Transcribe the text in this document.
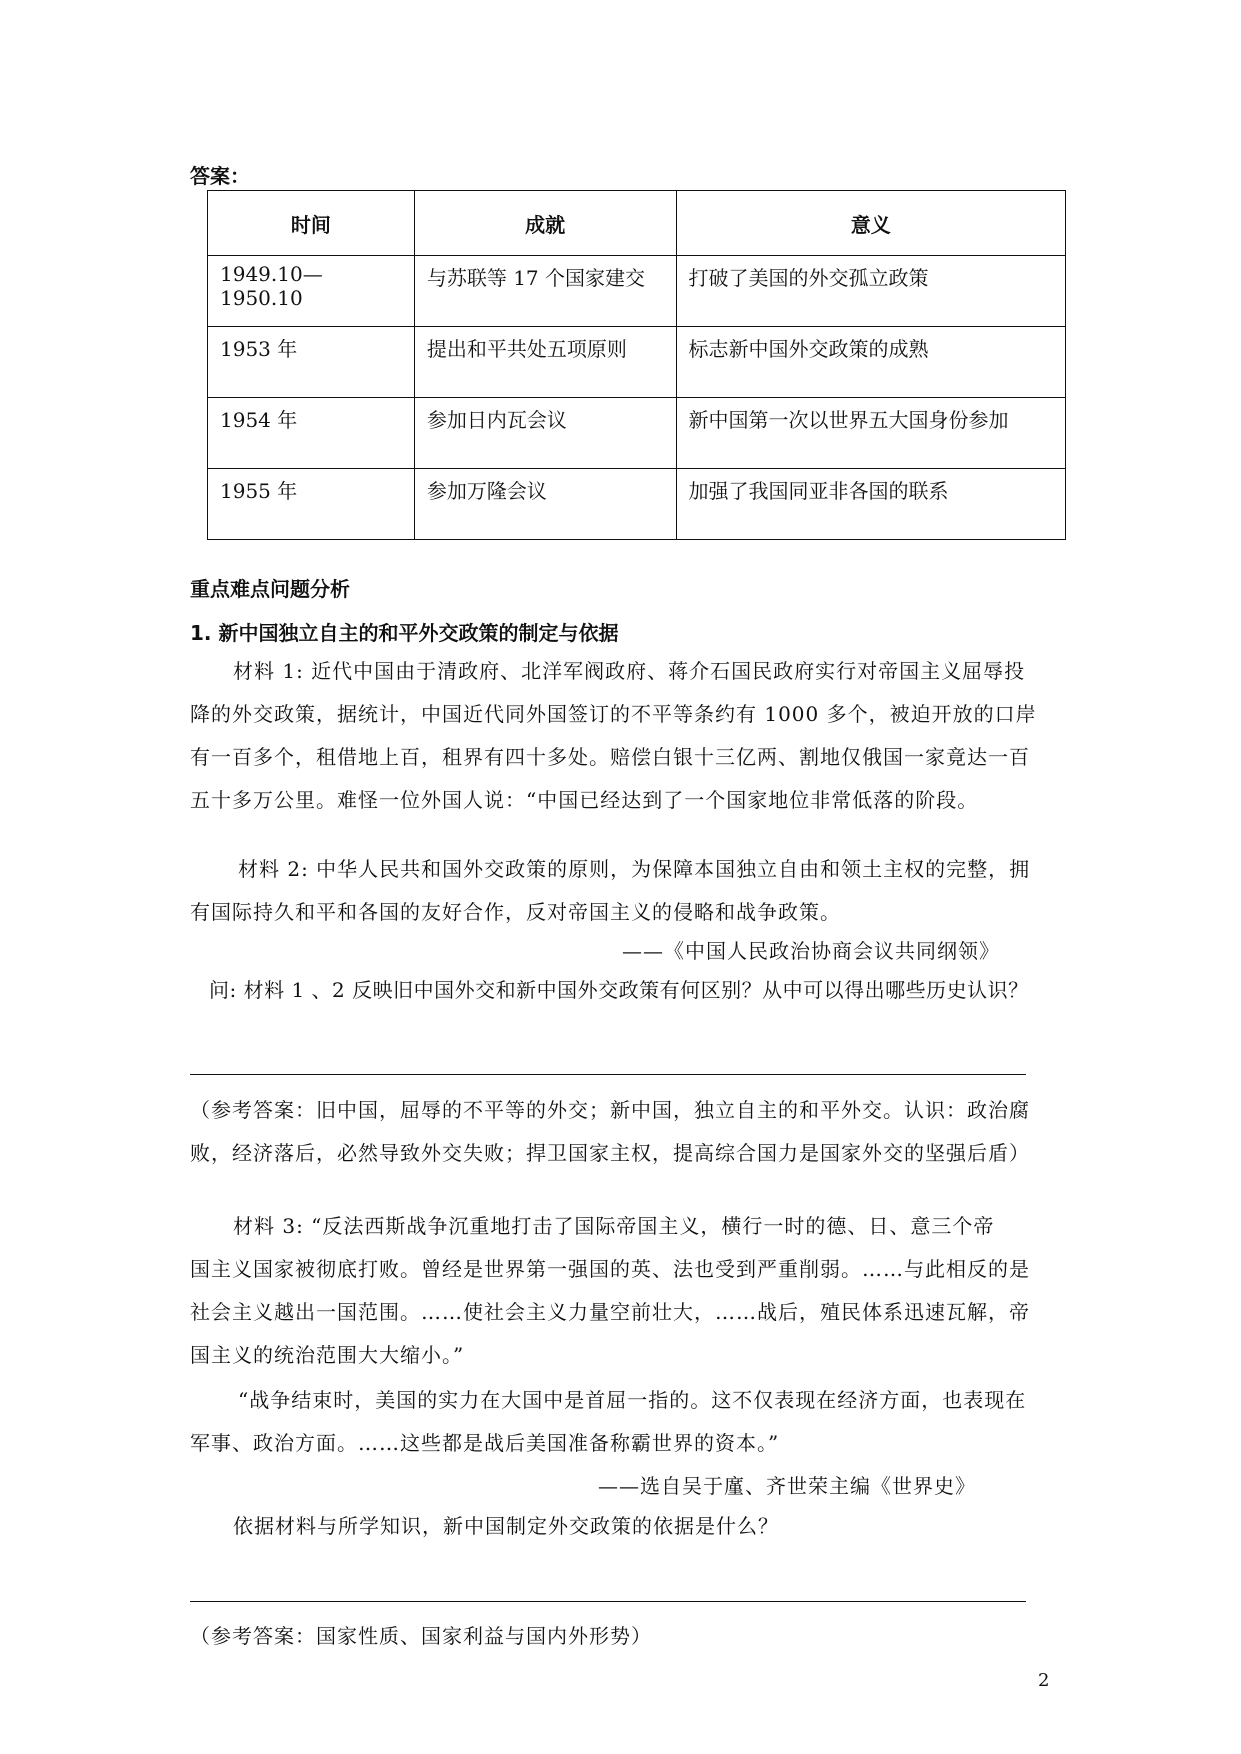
答案：
时间	成就	意义
1949.10—1950.10	与苏联等 17 个国家建交	打破了美国的外交孤立政策
1953 年	提出和平共处五项原则	标志新中国外交政策的成熟
1954 年	参加日内瓦会议	新中国第一次以世界五大国身份参加
1955 年	参加万隆会议	加强了我国同亚非各国的联系
重点难点问题分析
1. 新中国独立自主的和平外交政策的制定与依据
材料 1: 近代中国由于清政府、北洋军阀政府、蒋介石国民政府实行对帝国主义屈辱投
降的外交政策，据统计，中国近代同外国签订的不平等条约有 1000 多个，被迫开放的口岸
有一百多个，租借地上百，租界有四十多处。赔偿白银十三亿两、割地仅俄国一家竟达一百
五十多万公里。难怪一位外国人说：“中国已经达到了一个国家地位非常低落的阶段。
材料 2: 中华人民共和国外交政策的原则，为保障本国独立自由和领土主权的完整，拥
有国际持久和平和各国的友好合作，反对帝国主义的侵略和战争政策。
——《中国人民政治协商会议共同纲领》
问: 材料 1 、2 反映旧中国外交和新中国外交政策有何区别？从中可以得出哪些历史认识？
（参考答案：旧中国，屈辱的不平等的外交；新中国，独立自主的和平外交。认识：政治腐
败，经济落后，必然导致外交失败；捍卫国家主权，提高综合国力是国家外交的坚强后盾）
材料 3: “反法西斯战争沉重地打击了国际帝国主义，横行一时的德、日、意三个帝
国主义国家被彻底打败。曾经是世界第一强国的英、法也受到严重削弱。……与此相反的是
社会主义越出一国范围。……使社会主义力量空前壮大，……战后，殖民体系迅速瓦解，帝
国主义的统治范围大大缩小。”
“战争结束时，美国的实力在大国中是首屈一指的。这不仅表现在经济方面，也表现在
军事、政治方面。……这些都是战后美国准备称霸世界的资本。”
——选自吴于廑、齐世荣主编《世界史》
依据材料与所学知识，新中国制定外交政策的依据是什么？
（参考答案：国家性质、国家利益与国内外形势）
2
